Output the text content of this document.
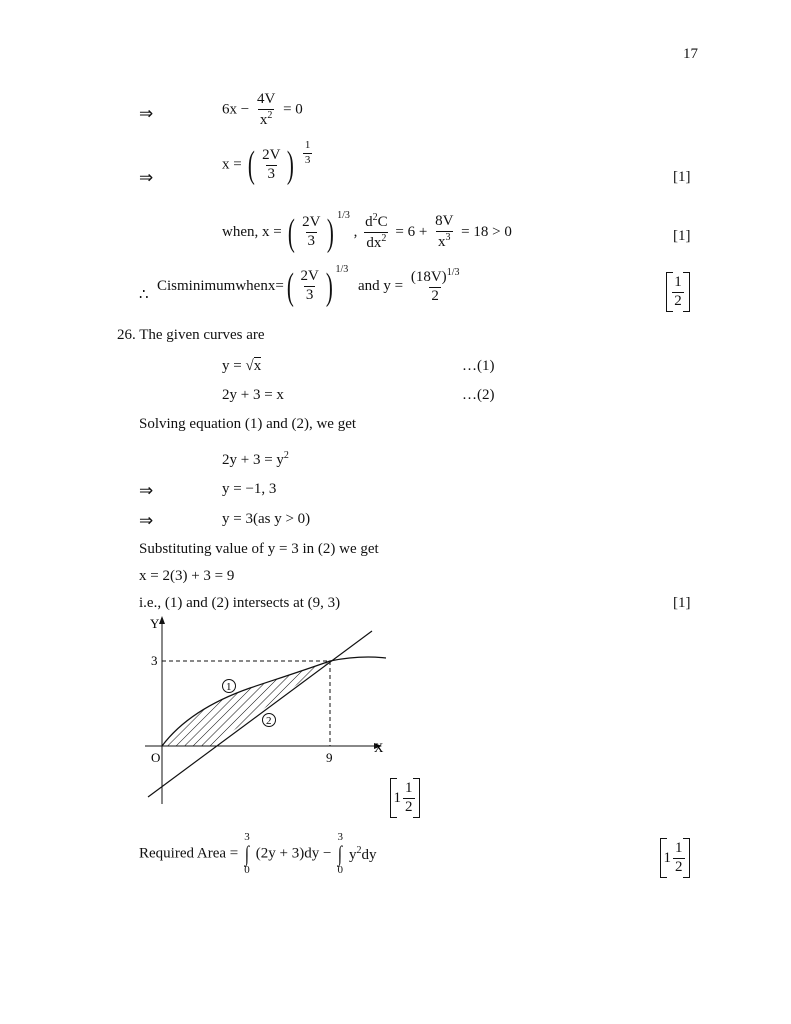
17
⇒	$6x - \frac{4V}{x^2} = 0$
⇒
x = ( $\frac{2V}{3}$ )
$\frac{1}{3}$
[1]
when, x = ( $\frac{2V}{3}$ ) $^{1/3}$ , $\frac{d^2C}{dx^2} = 6 + \frac{8V}{x^3} = 18 > 0$	[1]
∴
Cisminimumwhenx= ( $\frac{2V}{3}$ ) $^{1/3}$ and $y = \frac{(18V)^{1/3}}{2}$	$\frac{1}{2}$
26. The given curves are
y = √x	…(1)
2y + 3 = x	…(2)
Solving equation (1) and (2), we get
$2y + 3 = y^2$
⇒	y = −1, 3
⇒	y = 3(as y > 0)
Substituting value of y = 3 in (2) we get
x = 2(3) + 3 = 9
i.e., (1) and (2) intersects at (9, 3)	[1]
Y
X
O
3
9
1
2
$1 \frac{1}{2}$
Required Area =
3
∫
0
(2y + 3)dy −
3
∫
0
$y^2dy$	$1 \frac{1}{2}$
